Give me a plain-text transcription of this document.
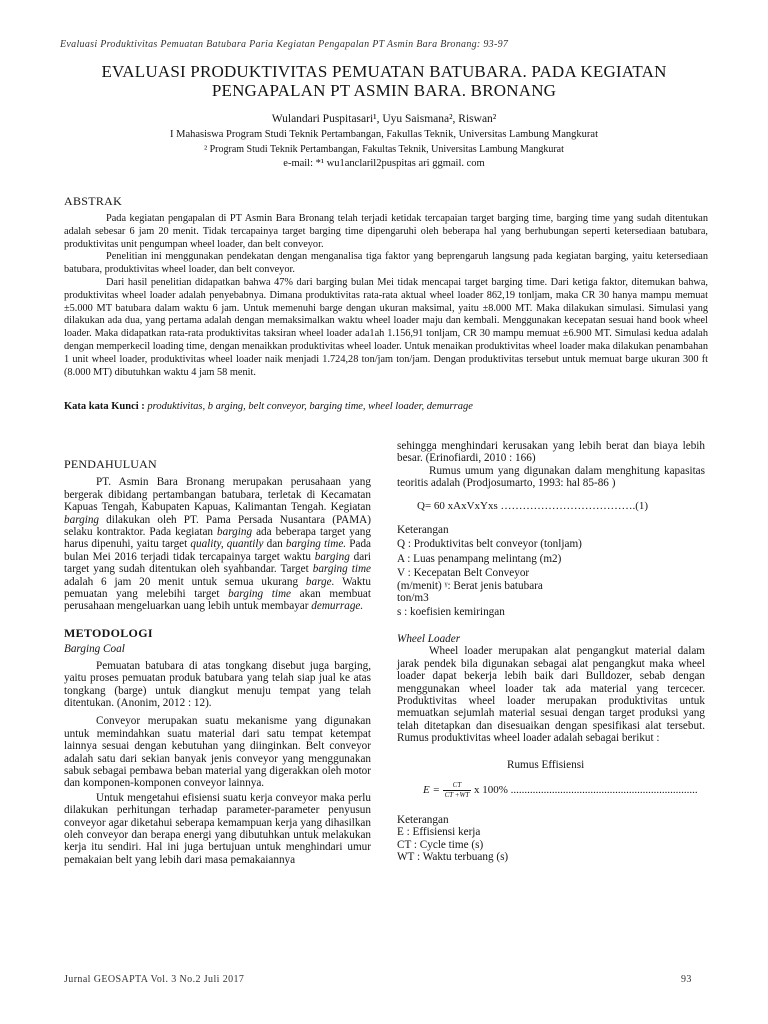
Evaluasi Produktivitas Pemuatan Batubara Paria Kegiatan Pengapalan PT Asmin Bara Bronang: 93-97
EVALUASI PRODUKTIVITAS PEMUATAN BATUBARA. PADA KEGIATAN
PENGAPALAN PT ASMIN BARA. BRONANG
Wulandari Puspitasari¹, Uyu Saismana², Riswan²
I Mahasiswa Program Studi Teknik Pertambangan, Fakullas Teknik, Universitas Lambung Mangkurat
² Program Studi Teknik Pertambangan, Fakultas Teknik, Universitas Lambung Mangkurat
e-mail: *¹ wu1anclaril2puspitas ari ggmail. com
ABSTRAK

Pada kegiatan pengapalan di PT Asmin Bara Bronang telah terjadi ketidak tercapaian target barging time, barging time yang sudah ditentukan adalah sebesar 6 jam 20 menit. Tidak tercapainya target barging time dipengaruhi oleh beberapa hal yang berhubungan seperti ketersediaan batubara, produktivitas unit pengumpan wheel loader, dan belt conveyor.

Penelitian ini menggunakan pendekatan dengan menganalisa tiga faktor yang beprengaruh langsung pada kegiatan barging, yaitu ketersediaan batubara, produktivitas wheel loader, dan belt conveyor.

Dari hasil penelitian didapatkan bahwa 47% dari barging bulan Mei tidak mencapai target barging time. Dari ketiga faktor, ditemukan bahwa, produktivitas wheel loader adalah penyebabnya. Dimana produktivitas rata-rata aktual wheel loader 862,19 tonljam, maka CR 30 hanya mampu memuat ±5.000 MT batubara dalam waktu 6 jam. Untuk memenuhi barge dengan ukuran maksimal, yaitu ±8.000 MT. Maka dilakukan simulasi. Simulasi yang dilakukan ada dua, yang pertama adalah dengan memaksimalkan waktu wheel loader maju dan kembali. Menggunakan kecepatan sesuai hand book wheel loader. Maka didapatkan rata-rata produktivitas taksiran wheel loader ada1ah 1.156,91 tonljam, CR 30 mampu memuat ±6.900 MT. Simulasi kedua adalah dengan memperkecil loading time, dengan menaikkan produktivitas wheel loader. Untuk menaikan produktivitas wheel loader maka dilakukan penambahan 1 unit wheel loader, produktivitas wheel loader naik menjadi 1.724,28 ton/jam ton/jam. Dengan produktivitas tersebut untuk memuat barge ukuran 300 ft (8.000 MT) dibutuhkan waktu 4 jam 58 menit.

Kata kata Kunci : produktivitas, b arging, belt conveyor, barging time, wheel loader, demurrage

PENDAHULUAN

PT. Asmin Bara Bronang merupakan perusahaan yang bergerak dibidang pertambangan batubara, terletak di Kecamatan Kapuas Tengah, Kabupaten Kapuas, Kalimantan Tengah. Kegiatan barging dilakukan oleh PT. Pama Persada Nusantara (PAMA) selaku kontraktor. Pada kegiatan barging ada beberapa target yang harus dipenuhi, yaitu target quality, quantily dan barging time. Pada bulan Mei 2016 terjadi tidak tercapainya target waktu barging dari target yang sudah ditentukan oleh syahbandar. Target barging time adalah 6 jam 20 menit untuk semua ukurang barge. Waktu pemuatan yang melebihi target barging time akan membuat perusahaan mengeluarkan uang lebih untuk membayar demurrage.

METODOLOGI

Barging Coal

Pemuatan batubara di atas tongkang disebut juga barging, yaitu proses pemuatan produk batubara yang telah siap jual ke atas tongkang (barge) untuk diangkut menuju tempat yang telah ditentukan. (Anonim, 2012 : 12).

Conveyor merupakan suatu mekanisme yang digunakan untuk memindahkan suatu material dari satu tempat ketempat lainnya sesuai dengan kebutuhan yang diinginkan. Belt conveyor adalah satu dari sekian banyak jenis conveyor yang menggunakan sabuk sebagai pembawa beban material yang digerakkan oleh motor dan komponen-komponen conveyor lainnya.

Untuk mengetahui efisiensi suatu kerja conveyor maka perlu dilakukan perhitungan terhadap parameter-parameter penyusun conveyor agar diketahui seberapa kemampuan kerja yang dihasilkan oleh conveyor dan berapa energi yang dibutuhkan untuk melakukan kerja itu sendiri. Hal ini juga bertujuan untuk menghindari umur pemakaian belt yang lebih dari masa pemakaiannya

sehingga menghindari kerusakan yang lebih berat dan biaya lebih besar. (Erinofiardi, 2010 : 166)

Rumus umum yang digunakan dalam menghitung kapasitas teoritis adalah (Prodjosumarto, 1993: hal 85-86 )

Q= 60 xAxVxYxs ……………………………….(1)

Keterangan

Q : Produktivitas belt conveyor (tonljam)

A : Luas penampang melintang (m2)

V : Kecepatan Belt Conveyor

(m/menit) ᵞ: Berat jenis batubara

ton/m3

s : koefisien kemiringan

Wheel Loader

Wheel loader merupakan alat pengangkut material dalam jarak pendek bila digunakan sebagai alat pengangkut maka wheel loader dapat bekerja lebih baik dari Bulldozer, sebab dengan menggunakan wheel loader tak ada material yang tercecer. Produktivitas wheel loader merupakan produktivitas untuk memuatkan sejumlah material sesuai dengan target produksi yang telah ditetapkan dan disesuaikan dengan spesifikasi alat tersebut. Rumus produktivitas wheel loader adalah sebagai berikut :

Rumus Effisiensi

$E = \frac{CT}{CT +WT}$ x 100% ....................................................................

Keterangan

E : Effisiensi kerja

CT : Cycle time (s)

WT : Waktu terbuang (s)

Jurnal GEOSAPTA Vol. 3 No.2 Juli 2017	93
